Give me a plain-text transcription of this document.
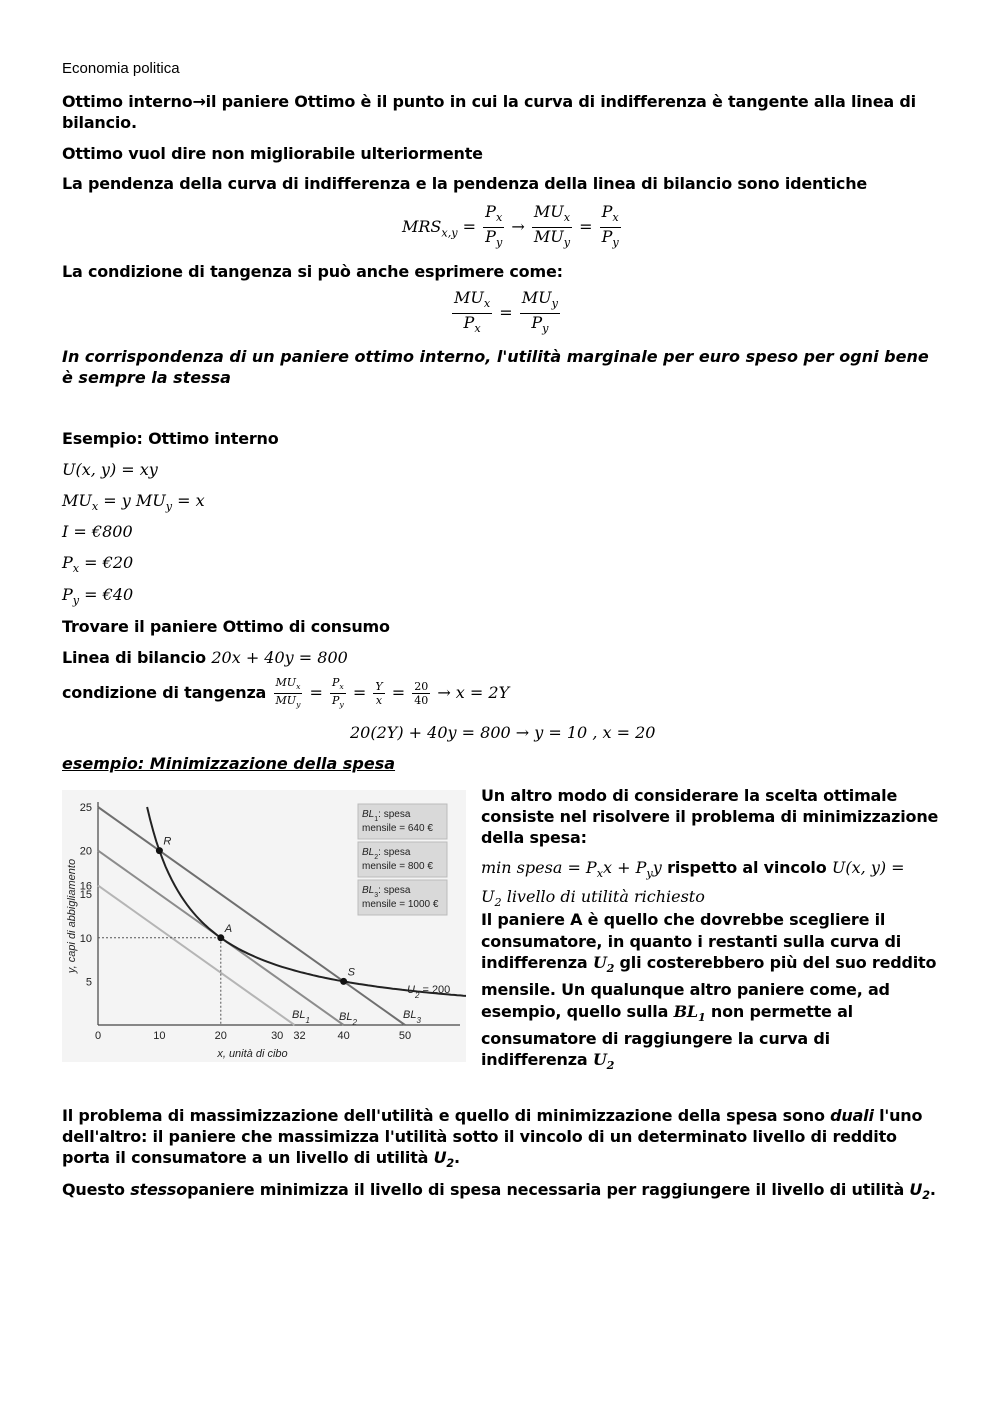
Economia politica
Ottimo interno→il paniere Ottimo è il punto in cui la curva di indifferenza è tangente alla linea di bilancio.
Ottimo vuol dire non migliorabile ulteriormente
La pendenza della curva di indifferenza e la pendenza della linea di bilancio sono identiche
$MRS_{x,y} = \frac{P_x}{P_y} \to \frac{MU_x}{MU_y} = \frac{P_x}{P_y}$
La condizione di tangenza si può anche esprimere come:
$\frac{MU_x}{P_x} = \frac{MU_y}{P_y}$
In corrispondenza di un paniere ottimo interno, l'utilità marginale per euro speso per ogni bene è sempre la stessa
Esempio: Ottimo interno
U(x, y) = xy
$MU_x = y$ $MU_y = x$
I = €800
$P_x$ = €20
$P_y$ = €40
Trovare il paniere Ottimo di consumo
Linea di bilancio 20x + 40y = 800
condizione di tangenza $\frac{MU_x}{MU_y} = \frac{P_x}{P_y} = \frac{Y}{x} = \frac{20}{40} \to x = 2Y$
20(2Y) + 40y = 800 → y = 10 , x = 20
esempio: Minimizzazione della spesa
0	10	20	30 32	40	50
5
10
15
16
20
25
x, unità di cibo
y, capi di abbigliamento
R
A
S
$BL_1$	$BL_2$
$BL_3$
$U_2 = 200$
$BL_1$: spesa
mensile = 640 €
$BL_2$: spesa
mensile = 800 €
$BL_3$: spesa
mensile = 1000 €
Un altro modo di considerare la scelta ottimale consiste nel risolvere il problema di minimizzazione della spesa:
min spesa = $P_xx + P_yy$ rispetto al vincolo U(x, y) =
$U_2$ livello di utilità richiesto
Il paniere A è quello che dovrebbe scegliere il consumatore, in quanto i restanti sulla curva di indifferenza $U_2$ gli costerebbero più del suo reddito mensile. Un qualunque altro paniere come, ad esempio, quello sulla $BL_1$ non permette al consumatore di raggiungere la curva di indifferenza $U_2$
Il problema di massimizzazione dell'utilità e quello di minimizzazione della spesa sono duali l'uno dell'altro: il paniere che massimizza l'utilità sotto il vincolo di un determinato livello di reddito porta il consumatore a un livello di utilità $U_2$.
Questo stessopaniere minimizza il livello di spesa necessaria per raggiungere il livello di utilità $U_2$.
